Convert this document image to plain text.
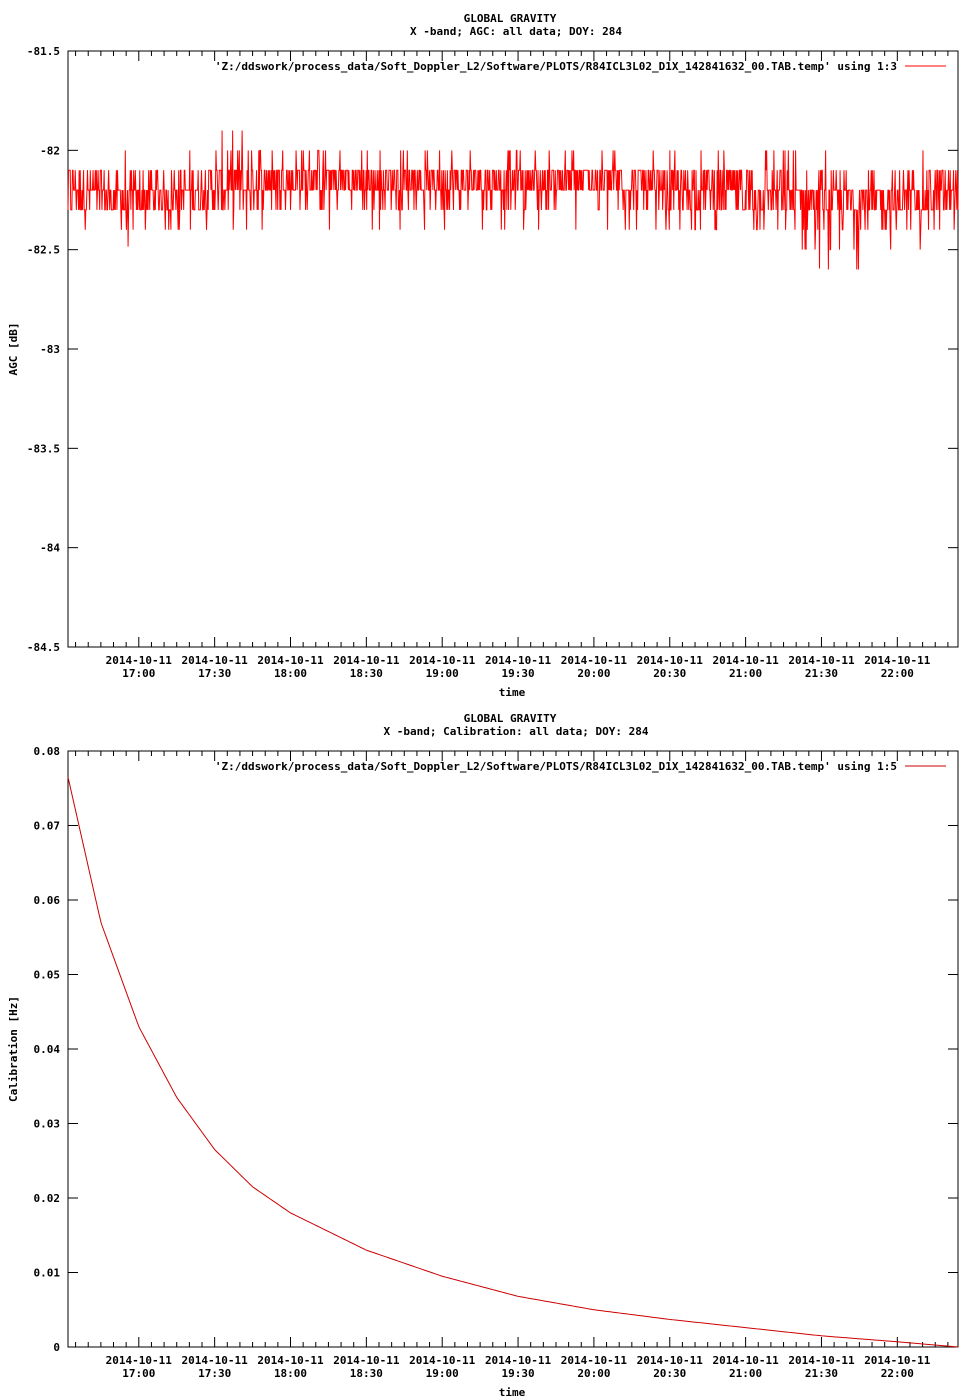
GLOBAL GRAVITY
X -band; AGC: all data; DOY: 284
-81.5
-82
-82.5
-83
-83.5
-84
-84.5
2014-10-11
17:00
2014-10-11
17:30
2014-10-11
18:00
2014-10-11
18:30
2014-10-11
19:00
2014-10-11
19:30
2014-10-11
20:00
2014-10-11
20:30
2014-10-11
21:00
2014-10-11
21:30
2014-10-11
22:00
time
AGC [dB]
'Z:/ddswork/process_data/Soft_Doppler_L2/Software/PLOTS/R84ICL3L02_D1X_142841632_00.TAB.temp' using 1:3
GLOBAL GRAVITY
X -band; Calibration: all data; DOY: 284
0.08
0.07
0.06
0.05
0.04
0.03
0.02
0.01
0
2014-10-11
17:00
2014-10-11
17:30
2014-10-11
18:00
2014-10-11
18:30
2014-10-11
19:00
2014-10-11
19:30
2014-10-11
20:00
2014-10-11
20:30
2014-10-11
21:00
2014-10-11
21:30
2014-10-11
22:00
time
Calibration [Hz]
'Z:/ddswork/process_data/Soft_Doppler_L2/Software/PLOTS/R84ICL3L02_D1X_142841632_00.TAB.temp' using 1:5
